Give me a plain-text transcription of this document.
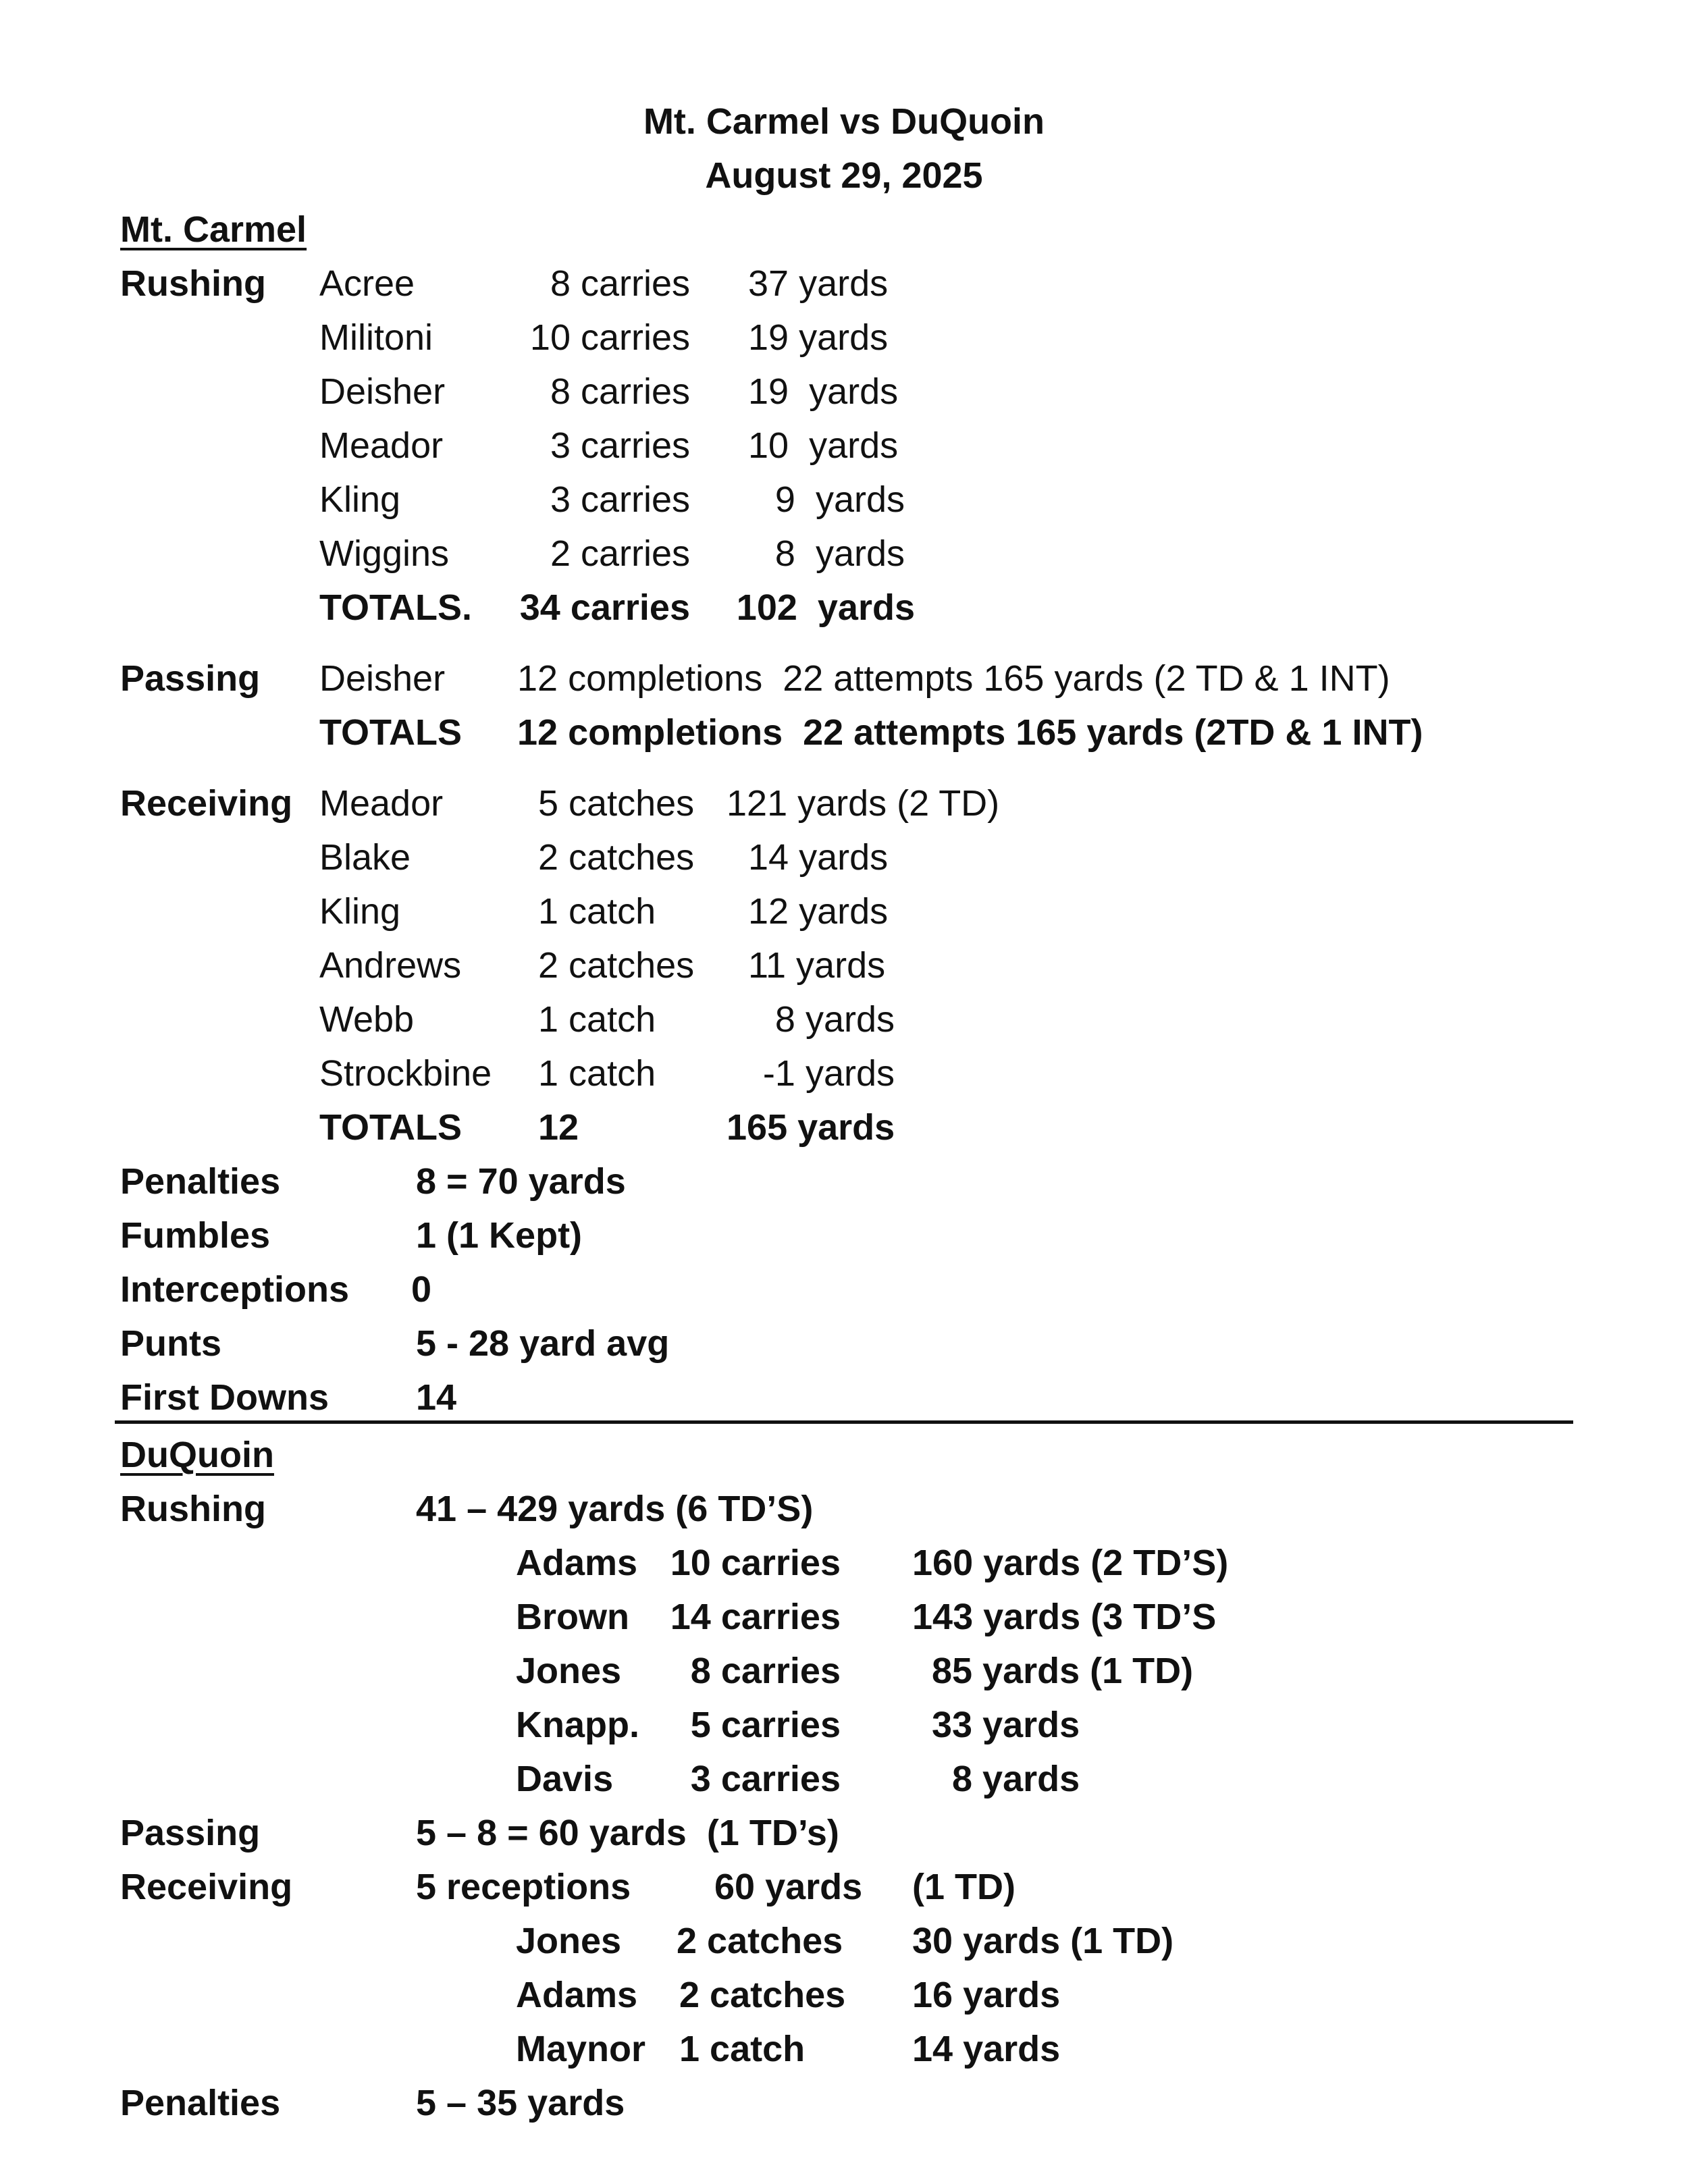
Mt. Carmel vs DuQuoin
August 29, 2025
Mt. Carmel
Rushing Acree	8 carries 37 yards
Militoni	10 carries 19 yards
Deisher	8 carries 19  yards
Meador	3 carries 10  yards
Kling	3 carries	9  yards
Wiggins	2 carries	8  yards
TOTALS.	34 carries	102  yards
Passing Deisher 12 completions  22 attempts 165 yards (2 TD & 1 INT)
TOTALS 12 completions  22 attempts 165 yards (2TD & 1 INT)
Receiving Meador	5 catches 121 yards (2 TD)
Blake	2 catches 14 yards
Kling	1 catch	12 yards
Andrews 2 catches 11 yards
Webb	1 catch	8 yards
Strockbine 1 catch	-1 yards
TOTALS 12	165 yards
Penalties	8 = 70 yards
Fumbles	1 (1 Kept)
Interceptions 0
Punts	5 - 28 yard avg
First Downs 14
DuQuoin
Rushing	41 – 429 yards (6 TD’S)
Adams 10 carries 160 yards (2 TD’S)
Brown	14 carries 143 yards (3 TD’S
Jones	8 carries	85 yards (1 TD)
Knapp.	5 carries	33 yards
Davis	3 carries	8 yards
Passing	5 – 8 = 60 yards  (1 TD’s)
Receiving	5 receptions 60 yards (1 TD)
Jones 2 catches 30 yards (1 TD)
Adams 2 catches 16 yards
Maynor 1 catch	14 yards
Penalties	5 – 35 yards
